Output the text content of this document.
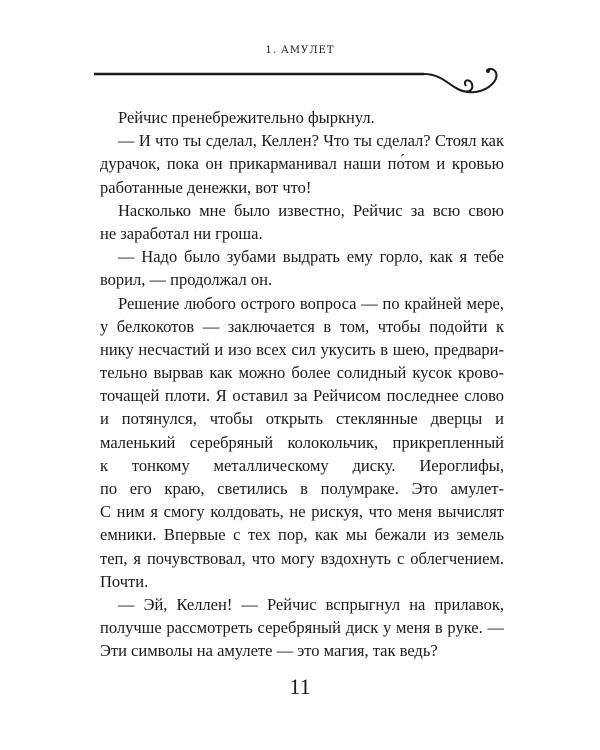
1. АМУЛЕТ
Рейчис пренебрежительно фыркнул.
— И что ты сделал, Келлен? Что ты сделал? Стоял как
дурачок, пока он прикарманивал наши по́том и кровью
работанные денежки, вот что!
Насколько мне было известно, Рейчис за всю свою
не заработал ни гроша.
— Надо было зубами выдрать ему горло, как я тебе
ворил, — продолжал он.
Решение любого острого вопроса — по крайней мере,
у белкокотов — заключается в том, чтобы подойти к
нику несчастий и изо всех сил укусить в шею, предвари-
тельно вырвав как можно более солидный кусок крово-
точащей плоти. Я оставил за Рейчисом последнее слово
и потянулся, чтобы открыть стеклянные дверцы и
маленький серебряный колокольчик, прикрепленный
к тонкому металлическому диску. Иероглифы,
по его краю, светились в полумраке. Это амулет-
С ним я смогу колдовать, не рискуя, что меня вычислят
емники. Впервые с тех пор, как мы бежали из земель
теп, я почувствовал, что могу вздохнуть с облегчением.
Почти.
— Эй, Келлен! — Рейчис вспрыгнул на прилавок,
получше рассмотреть серебряный диск у меня в руке. —
Эти символы на амулете — это магия, так ведь?
11
